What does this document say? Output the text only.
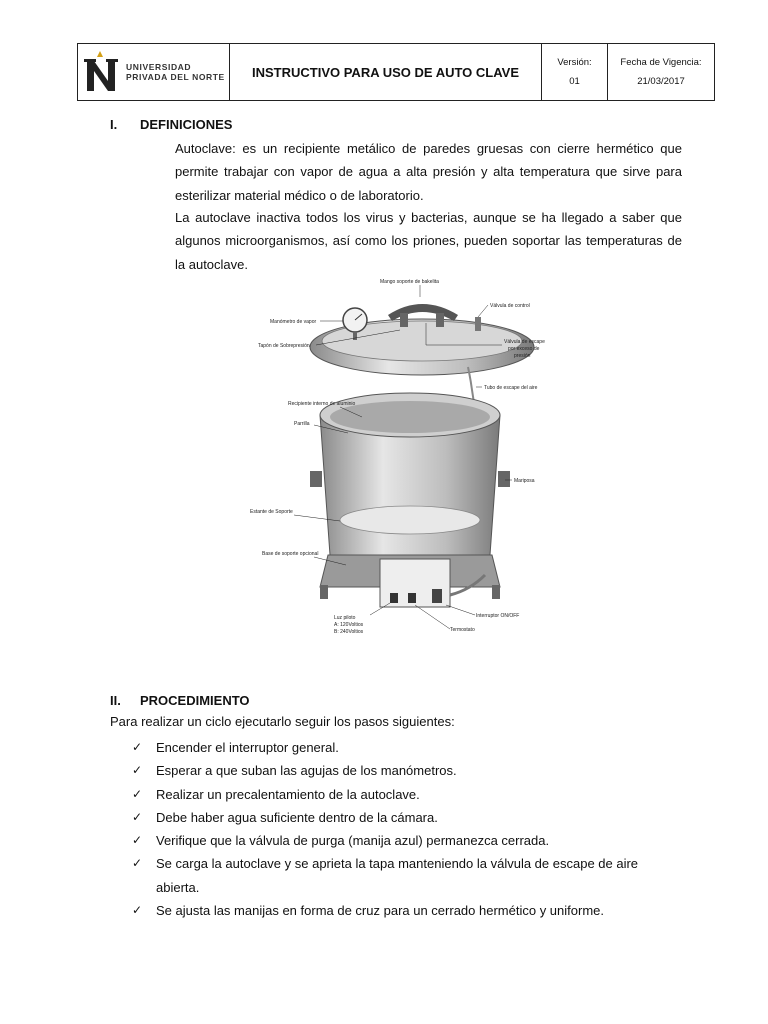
UNIVERSIDAD
PRIVADA DEL NORTE	INSTRUCTIVO PARA USO DE AUTO CLAVE
Versión:
01
Fecha de Vigencia:
21/03/2017
I. DEFINICIONES

Autoclave: es un recipiente metálico de paredes gruesas con cierre hermético que permite trabajar con vapor de agua a alta presión y alta temperatura que sirve para esterilizar material médico o de laboratorio.

La autoclave inactiva todos los virus y bacterias, aunque se ha llegado a saber que algunos microorganismos, así como los priones, pueden soportar las temperaturas de la autoclave.

Mango soporte de bakelita
Manómetro de vapor
Válvula de control
Tapón de Sobrepresión
Válvula de escape
por exceso de
presión
Tubo de escape del aire
Recipiente interno de aluminio
Parrilla
Mariposa
Estante de Soporte
Base de soporte opcional
Luz piloto
A: 120Voltios
B: 240Voltios
Interruptor ON/OFF
Termostato
II. PROCEDIMIENTO
Para realizar un ciclo ejecutarlo seguir los pasos siguientes:
✓ Encender el interruptor general.
✓ Esperar a que suban las agujas de los manómetros.
✓ Realizar un precalentamiento de la autoclave.
✓ Debe haber agua suficiente dentro de la cámara.
✓ Verifique que la válvula de purga (manija azul) permanezca cerrada.
✓ Se carga la autoclave y se aprieta la tapa manteniendo la válvula de escape de aire abierta.
✓ Se ajusta las manijas en forma de cruz para un cerrado hermético y uniforme.
